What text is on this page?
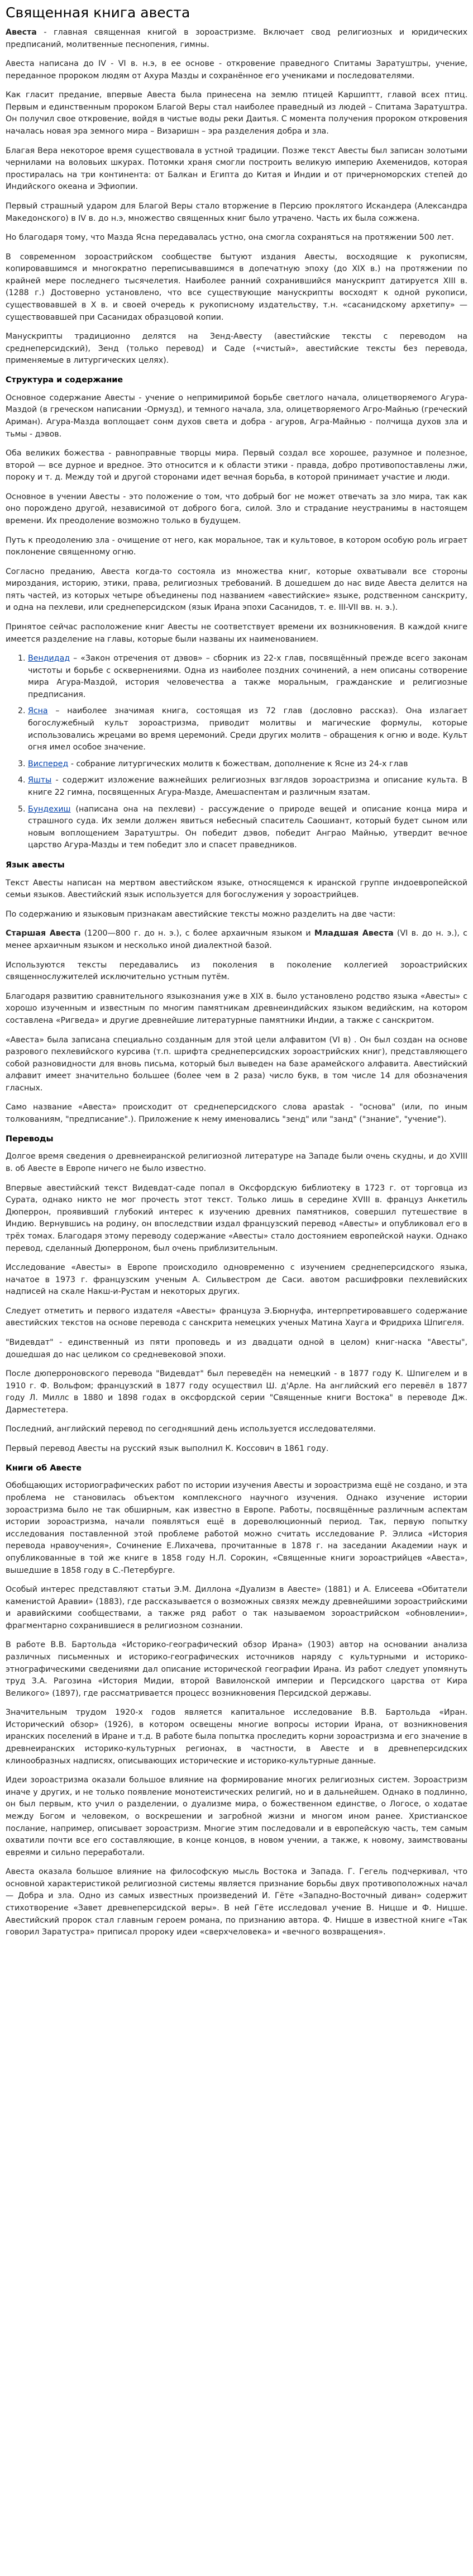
Священная книга авеста

Авеста - главная священная книгой в зороастризме. Включает свод религиозных и юридических предписаний, молитвенные песнопения, гимны.

Авеста написана до IV - VI в. н.э, в ее основе - откровение праведного Спитамы Заратуштры, учение, переданное пророком людям от Ахура Мазды и сохранённое его учениками и последователями.

Как гласит предание, впервые Авеста была принесена на землю птицей Каршиптт, главой всех птиц. Первым и единственным пророком Благой Веры стал наиболее праведный из людей – Спитама Заратуштра. Он получил свое откровение, войдя в чистые воды реки Даитья. С момента получения пророком откровения началась новая эра земного мира – Визаришн – эра разделения добра и зла.

Благая Вера некоторое время существовала в устной традиции. Позже текст Авесты был записан золотыми чернилами на воловьих шкурах. Потомки храня смогли построить великую империю Ахеменидов, которая простиралась на три континента: от Балкан и Египта до Китая и Индии и от причерноморских степей до Индийского океана и Эфиопии.

Первый страшный ударом для Благой Веры стало вторжение в Персию проклятого Искандера (Александра Македонского) в IV в. до н.э, множество священных книг было утрачено. Часть их была сожжена.

Но благодаря тому, что Мазда Ясна передавалась устно, она смогла сохраняться на протяжении 500 лет.

В современном зороастрийском сообществе бытуют издания Авесты, восходящие к рукописям, копировавшимся и многократно переписывавшимся в допечатную эпоху (до XIX в.) на протяжении по крайней мере последнего тысячелетия. Наиболее ранний сохранившийся манускрипт датируется XIII в. (1288 г.) Достоверно установлено, что все существующие манускрипты восходят к одной рукописи, существовавшей в X в. и своей очередь к рукописному издательству, т.н. «сасанидскому архетипу» — существовавшей при Сасанидах образцовой копии.

Манускрипты традиционно делятся на Зенд-Авесту (авестийские тексты с переводом на среднеперсидский), Зенд (только перевод) и Саде («чистый», авестийские тексты без перевода, применяемые в литургических целях).

Структура и содержание

Основное содержание Авесты - учение о непримиримой борьбе светлого начала, олицетворяемого Агура-Маздой (в греческом написании -Ормузд), и темного начала, зла, олицетворяемого Агро-Майнью (греческий Ариман). Агура-Мазда воплощает сонм духов света и добра - агуров, Агра-Майнью - полчища духов зла и тьмы - дэвов.

Оба великих божества - равноправные творцы мира. Первый создал все хорошее, разумное и полезное, второй — все дурное и вредное. Это относится и к области этики - правда, добро противопоставлены лжи, пороку и т. д. Между той и другой сторонами идет вечная борьба, в которой принимает участие и люди.

Основное в учении Авесты - это положение о том, что добрый бог не может отвечать за зло мира, так как оно порождено другой, независимой от доброго бога, силой. Зло и страдание неустранимы в настоящем времени. Их преодоление возможно только в будущем.

Путь к преодолению зла - очищение от него, как моральное, так и культовое, в котором особую роль играет поклонение священному огню.

Согласно преданию, Авеста когда-то состояла из множества книг, которые охватывали все стороны мироздания, историю, этики, права, религиозных требований. В дошедшем до нас виде Авеста делится на пять частей, из которых четыре объединены под названием «авестийские» языке, родственном санскриту, и одна на пехлеви, или среднеперсидском (язык Ирана эпохи Сасанидов, т. е. III-VII вв. н. э.).

Принятое сейчас расположение книг Авесты не соответствует времени их возникновения. В каждой книге имеется разделение на главы, которые были названы их наименованием.

1. Вендидад – «Закон отречения от дэвов» – сборник из 22-х глав, посвящённый прежде всего законам чистоты и борьбе с осквернениями. Одна из наиболее поздних сочинений, а нем описаны сотворение мира Агура-Маздой, история человечества а также моральным, гражданские и религиозные предписания.
2. Ясна – наиболее значимая книга, состоящая из 72 глав (дословно рассказ). Она излагает богослужебный культ зороастризма, приводит молитвы и магические формулы, которые использовались жрецами во время церемоний. Среди других молитв – обращения к огню и воде. Культ огня имел особое значение.
3. Висперед - собрание литургических молитв к божествам, дополнение к Ясне из 24-х глав
4. Яшты - содержит изложение важнейших религиозных взглядов зороастризма и описание культа. В книге 22 гимна, посвященных Агура-Мазде, Амешаспентам и различным язатам.
5. Бундехиш (написана она на пехлеви) - рассуждение о природе вещей и описание конца мира и страшного суда. Их земли должен явиться небесный спаситель Саошиант, который будет сыном или новым воплощением Заратуштры. Он победит дэвов, победит Анграо Майнью, утвердит вечное царство Агура-Мазды и тем победит зло и спасет праведников.
Язык авесты

Текст Авесты написан на мертвом авестийском языке, относящемся к иранской группе индоевропейской семьи языков. Авестийский язык используется для богослужения у зороастрийцев.

По содержанию и языковым признакам авестийские тексты можно разделить на две части:

Старшая Авеста (1200—800 г. до н. э.), с более архаичным языком и Младшая Авеста (VI в. до н. э.), с менее архаичным языком и несколько иной диалектной базой.

Используются тексты передавались из поколения в поколение коллегией зороастрийских священнослужителей исключительно устным путём.

Благодаря развитию сравнительного языкознания уже в XIX в. было установлено родство языка «Авесты» с хорошо изученным и известным по многим памятникам древнеиндийских языком ведийским, на котором составлена «Ригведа» и другие древнейшие литературные памятники Индии, а также с санскритом.

«Авеста» была записана специально созданным для этой цели алфавитом (VI в) . Он был создан на основе разрового пехлевийского курсива (т.п. шрифта среднеперсидских зороастрийских книг), представляющего собой разновидности для вновь письма, который был выведен на базе арамейского алфавита. Авестийский алфавит имеет значительно большее (более чем в 2 раза) число букв, в том числе 14 для обозначения гласных.

Само название «Авеста» происходит от среднеперсидского слова apastak - "основа" (или, по иным толкованиям, "предписание".). Приложение к нему именовались "зенд" или "занд" ("знание", "учение").

Переводы

Долгое время сведения о древнеиранской религиозной литературе на Западе были очень скудны, и до XVIII в. об Авесте в Европе ничего не было известно.

Впервые авестийский текст Видевдат-саде попал в Оксфордскую библиотеку в 1723 г. от торговца из Сурата, однако никто не мог прочесть этот текст. Только лишь в середине XVIII в. француз Анкетиль Дюперрон, проявивший глубокий интерес к изучению древних памятников, совершил путешествие в Индию. Вернувшись на родину, он впоследствии издал французский перевод «Авесты» и опубликовал его в трёх томах. Благодаря этому переводу содержание «Авесты» стало достоянием европейской науки. Однако перевод, сделанный Дюперроном, был очень приблизительным.

Исследование «Авесты» в Европе происходило одновременно с изучением среднеперсидского языка, начатое в 1973 г. французским ученым А. Сильвестром де Саси. авотом расшифровки пехлевийских надписей на скале Накш-и-Рустам и некоторых других.

Следует отметить и первого издателя «Авесты» француза Э.Бюрнуфа, интерпретировавшего содержание авестийских текстов на основе перевода с санскрита немецких ученых Матина Хауга и Фридриха Шпигеля.

"Видевдат" - единственный из пяти проповедь и из двадцати одной в целом) книг-наска "Авесты", дошедшая до нас целиком со средневековой эпохи.

После дюперроновского перевода "Видевдат" был переведён на немецкий - в 1877 году К. Шпигелем и в 1910 г. Ф. Вольфом; французский в 1877 году осуществил Ш. д'Арле. На английский его перевёл в 1877 году Л. Миллс в 1880 и 1898 годах в оксфордской серии "Священные книги Востока" в переводе Дж. Дарместетера.

Последний, английский перевод по сегодняшний день используется исследователями.

Первый перевод Авесты на русский язык выполнил К. Коссович в 1861 году.

Книги об Авесте

Обобщающих историографических работ по истории изучения Авесты и зороастризма ещё не создано, и эта проблема не становилась объектом комплексного научного изучения. Однако изучение истории зороастризма было не так обширным, как известно в Европе. Работы, посвящённые различным аспектам истории зороастризма, начали появляться ещё в дореволюционный период. Так, первую попытку исследования поставленной этой проблеме работой можно считать исследование Р. Эллиса «История перевода нравоучения», Сочинение Е.Лихачева, прочитанные в 1878 г. на заседании Академии наук и опубликованные в той же книге в 1858 году Н.Л. Сорокин, «Священные книги зороастрийцев «Авеста», вышедшие в 1858 году в С.-Петербурге.

Особый интерес представляют статьи Э.М. Диллона «Дуализм в Авесте» (1881) и А. Елисеева «Обитатели каменистой Аравии» (1883), где рассказывается о возможных связях между древнейшими зороастрийскими и аравийскими сообществами, а также ряд работ о так называемом зороастрийском «обновлении», фрагментарно сохранившиеся в религиозном сознании.

В работе В.В. Бартольда «Историко-географический обзор Ирана» (1903) автор на основании анализа различных письменных и историко-географических источников наряду с культурными и историко-этнографическими сведениями дал описание исторической географии Ирана. Из работ следует упомянуть труд З.А. Рагозина «История Мидии, второй Вавилонской империи и Персидского царства от Кира Великого» (1897), где рассматривается процесс возникновения Персидской державы.

Значительным трудом 1920-х годов является капитальное исследование В.В. Бартольда «Иран. Исторический обзор» (1926), в котором освещены многие вопросы истории Ирана, от возникновения иранских поселений в Иране и т.д. В работе была попытка проследить корни зороастризма и его значение в древнеиранских историко-культурных регионах, в частности, в Авесте и в древнеперсидских клинообразных надписях, описывающих исторические и историко-культурные данные.

Идеи зороастризма оказали большое влияние на формирование многих религиозных систем. Зороастризм иначе у других, и не только появление монотеистических религий, но и в дальнейшем. Однако в подлинно, он был первым, кто учил о разделении, о дуализме мира, о божественном единстве, о Логосе, о ходатае между Богом и человеком, о воскрешении и загробной жизни и многом ином ранее. Христианское послание, например, описывает зороастризм. Многие этим последовали и в европейскую часть, тем самым охватили почти все его составляющие, в конце концов, в новом учении, а также, к новому, заимствованы евреями и сильно переработали.

Авеста оказала большое влияние на философскую мысль Востока и Запада. Г. Гегель подчеркивал, что основной характеристикой религиозной системы является признание борьбы двух противоположных начал — Добра и зла. Одно из самых известных произведений И. Гёте «Западно-Восточный диван» содержит стихотворение «Завет древнеперсидской веры». В ней Гёте исследовал учение В. Ницше и Ф. Ницше. Авестийский пророк стал главным героем романа, по признанию автора. Ф. Ницше в известной книге «Так говорил Заратустра» приписал пророку идеи «сверхчеловека» и «вечного возвращения».
